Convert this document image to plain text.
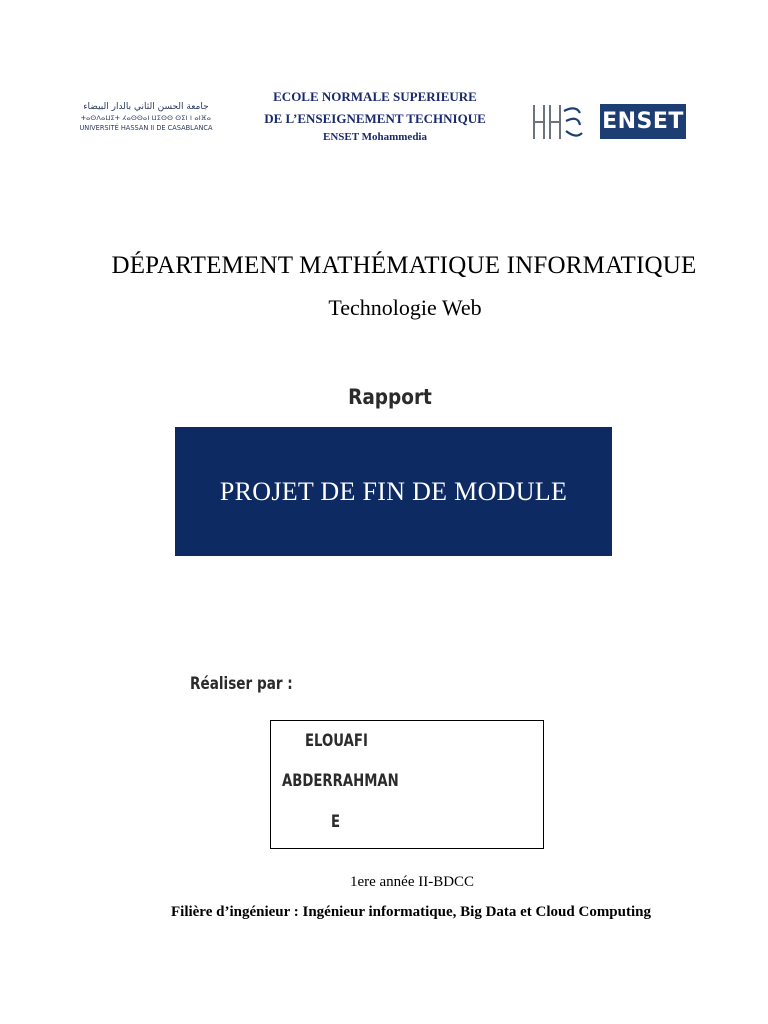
جامعة الحسن الثاني بالدار البيضاء
ⵜⴰⵙⴷⴰⵡⵉⵜ ⵃⴰⵙⵙⴰⵏ ⵡⵉⵙⵙ ⵙⵉⵏ ⵏ ⴰⵏⴼⴰ
UNIVERSITÉ HASSAN II DE CASABLANCA
ECOLE NORMALE SUPERIEURE
DE L’ENSEIGNEMENT TECHNIQUE
ENSET Mohammedia
ENSET
DÉPARTEMENT MATHÉMATIQUE INFORMATIQUE
Technologie Web
Rapport
PROJET DE FIN DE MODULE
Réaliser par :
ELOUAFI
ABDERRAHMAN
E
1ere année II-BDCC
Filière d’ingénieur : Ingénieur informatique, Big Data et Cloud Computing
